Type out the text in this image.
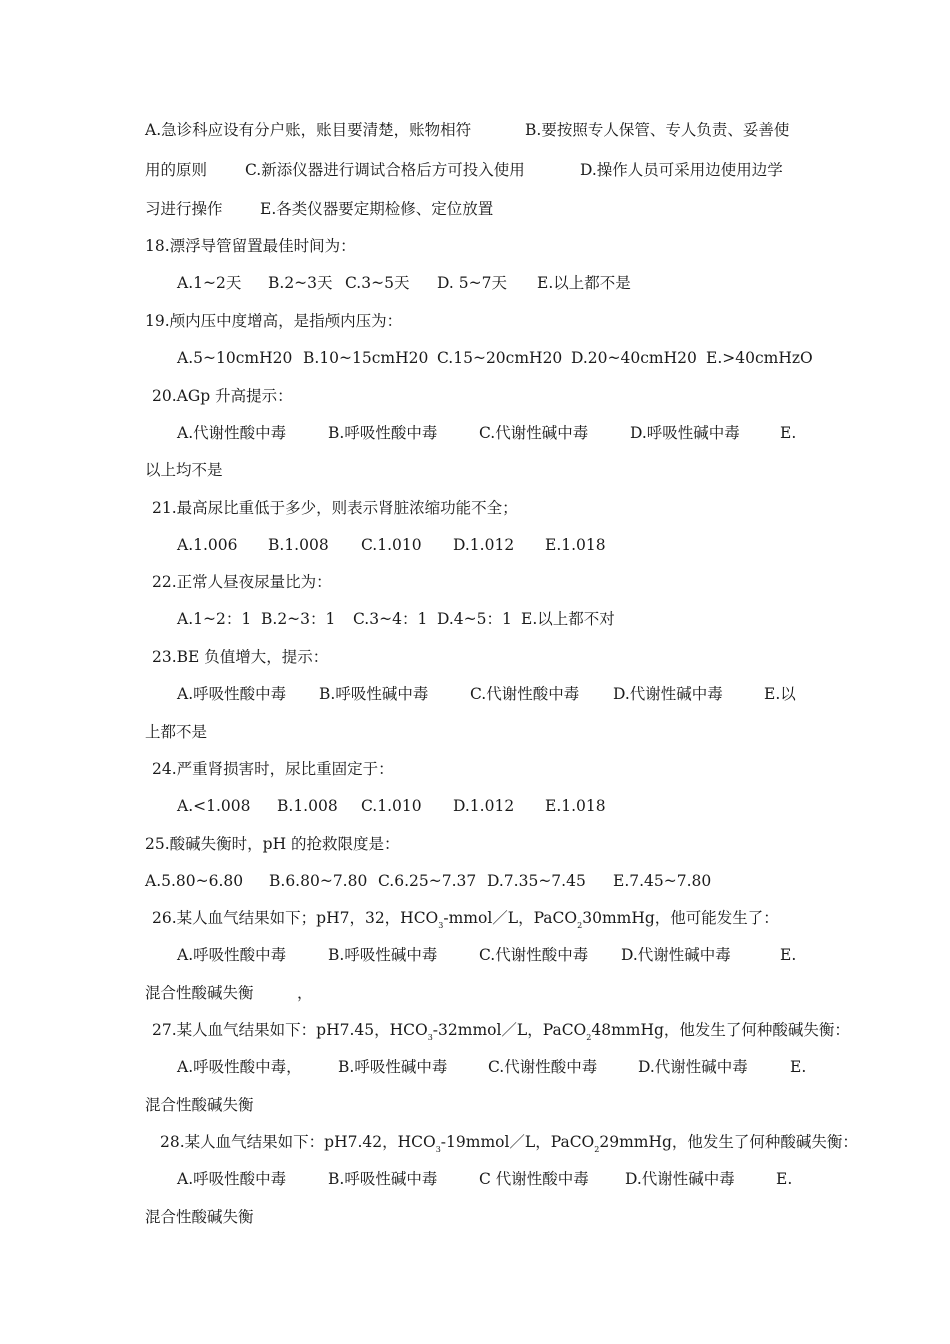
A.急诊科应设有分户账，账目要清楚，账物相符	B.要按照专人保管、专人负责、妥善使
用的原则 C.新添仪器进行调试合格后方可投入使用	D.操作人员可采用边使用边学
习进行操作 E.各类仪器要定期检修、定位放置
18.漂浮导管留置最佳时间为：
A.1~2天 B.2~3天 C.3~5天 D. 5~7天 E.以上都不是
19.颅内压中度增高，是指颅内压为：
A.5~10cmH20 B.10~15cmH20 C.15~20cmH20 D.20~40cmH20 E.>40cmHzO
20.AGp 升高提示：
A.代谢性酸中毒	B.呼吸性酸中毒	C.代谢性碱中毒	D.呼吸性碱中毒	E.
以上均不是
21.最高尿比重低于多少，则表示肾脏浓缩功能不全；
A.1.006 B.1.008 C.1.010 D.1.012 E.1.018
22.正常人昼夜尿量比为：
A.1~2：1 B.2~3：1 C.3~4：1 D.4~5：1 E.以上都不对
23.BE 负值增大，提示：
A.呼吸性酸中毒 B.呼吸性碱中毒	C.代谢性酸中毒 D.代谢性碱中毒	E.以
上都不是
24.严重肾损害时，尿比重固定于：
A.<1.008 B.1.008 C.1.010 D.1.012 E.1.018
25.酸碱失衡时，pH 的抢救限度是：
A.5.80~6.80 B.6.80~7.80 C.6.25~7.37 D.7.35~7.45 E.7.45~7.80
26.某人血气结果如下；pH7，32，$HCO_3-mmol/L$，PaCO$_2$30mmHg，他可能发生了：
A.呼吸性酸中毒	B.呼吸性碱中毒	C.代谢性酸中毒 D.代谢性碱中毒	E.
混合性酸碱失衡	，
27.某人血气结果如下：pH7.45，$HCO_3-32mmol/L$，PaCO$_2$48mmHg，他发生了何种酸碱失衡：
A.呼吸性酸中毒， B.呼吸性碱中毒	C.代谢性酸中毒	D.代谢性碱中毒	E.
混合性酸碱失衡
28.某人血气结果如下：pH7.42，$HCO_3-19mmol/L$，PaCO$_2$29mmHg，他发生了何种酸碱失衡：
A.呼吸性酸中毒	B.呼吸性碱中毒	C 代谢性酸中毒 D.代谢性碱中毒	E.
混合性酸碱失衡
